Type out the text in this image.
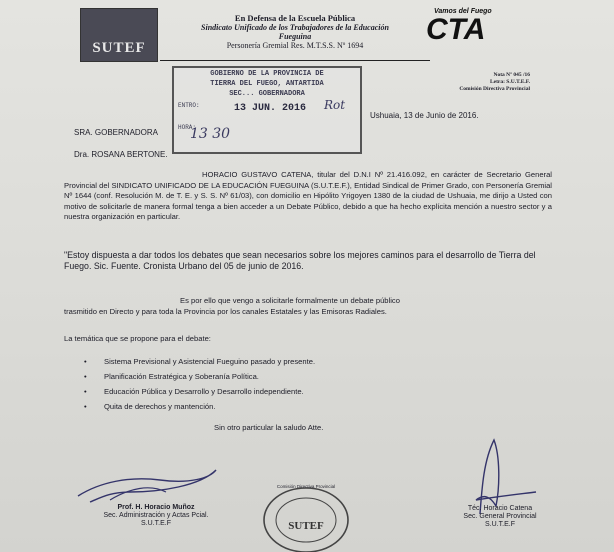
SUTEF
En Defensa de la Escuela Pública
Sindicato Unificado de los Trabajadores de la Educación
Fueguina
Personería Gremial Res. M.T.S.S. Nº 1694
Vamos del Fuego
CTA
Nota Nº 045 /16
Letra: S.U.T.E.F.
Comisión Directiva Provincial
GOBIERNO DE LA PROVINCIA DE
TIERRA DEL FUEGO, ANTARTIDA
SEC... GOBERNADORA
ENTRO:	13 JUN. 2016 Rot
HORA:
13 30
Ushuaia, 13 de Junio de 2016.
SRA. GOBERNADORA
Dra. ROSANA BERTONE.
HORACIO GUSTAVO CATENA, titular del D.N.I Nº 21.416.092, en carácter de Secretario General Provincial del SINDICATO UNIFICADO DE LA EDUCACIÓN FUEGUINA (S.U.T.E.F.), Entidad Sindical de Primer Grado, con Personería Gremial Nº 1644 (conf. Resolución M. de T. E. y S. S. Nº 61/03), con domicilio en Hipólito Yrigoyen 1380 de la ciudad de Ushuaia, me dirijo a Usted con motivo de solicitarle de manera formal tenga a bien acceder a un Debate Público, debido a que ha hecho explícita mención a nuestro sector y a nuestra organización en particular.
"Estoy dispuesta a dar todos los debates que sean necesarios sobre los mejores caminos para el desarrollo de Tierra del Fuego. Sic. Fuente. Cronista Urbano del 05 de junio de 2016.
Es por ello que vengo a solicitarle formalmente un debate público
trasmitido en Directo y para toda la Provincia por los canales Estatales y las Emisoras Radiales.
La temática que se propone para el debate:
• Sistema Previsional y Asistencial Fueguino pasado y presente.
• Planificación Estratégica y Soberanía Política.
• Educación Pública y Desarrollo y Desarrollo independiente.
• Quita de derechos y mantención.
Sin otro particular la saludo Atte.
Prof. H. Horacio Muñoz
Sec. Administración y Actas Pcial.
S.U.T.E.F
Comisión Directiva Provincial
SUTEF
Téc. Horacio Catena
Sec. General Provincial
S.U.T.E.F
